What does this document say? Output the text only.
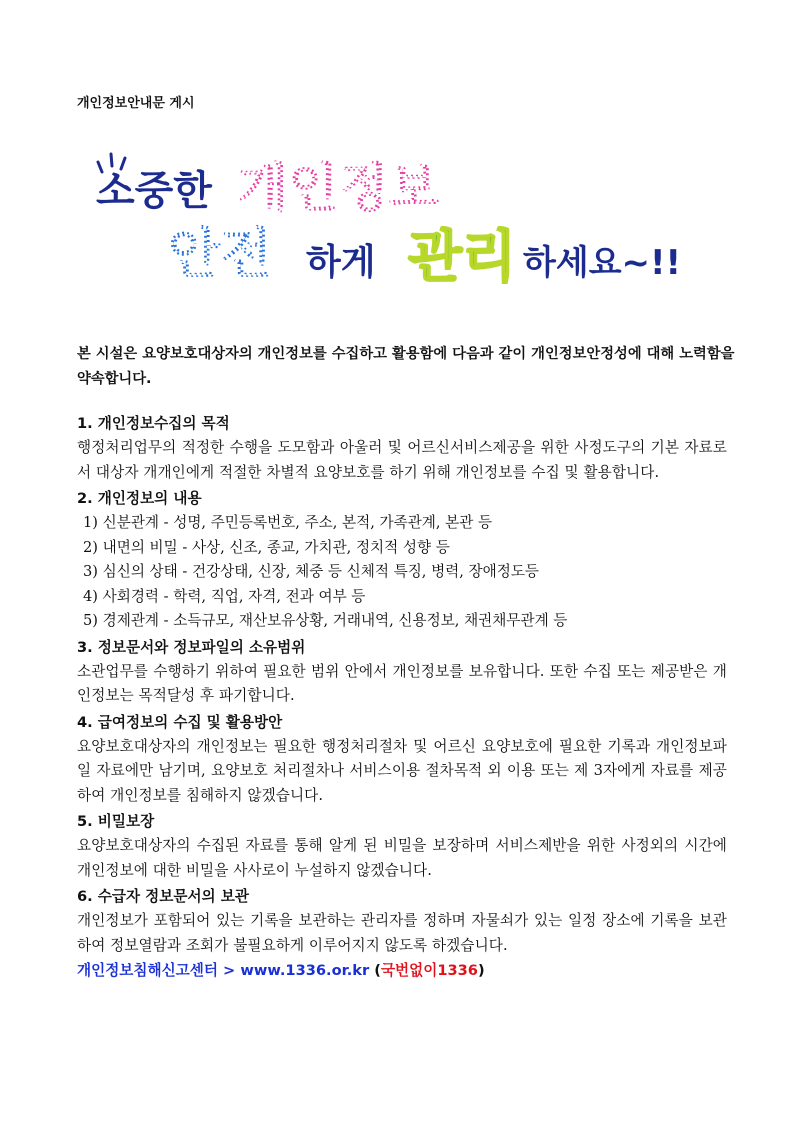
개인정보안내문 게시
소중한 개인정보
안전 하게 관리 하세요~!!
본 시설은 요양보호대상자의 개인정보를 수집하고 활용함에 다음과 같이 개인정보안정성에 대해 노력함을 약속합니다.
1. 개인정보수집의 목적
행정처리업무의 적정한 수행을 도모함과 아울러 및 어르신서비스제공을 위한 사정도구의 기본 자료로서 대상자 개개인에게 적절한 차별적 요양보호를 하기 위해 개인정보를 수집 및 활용합니다.
2. 개인정보의 내용
1) 신분관계 - 성명, 주민등록번호, 주소, 본적, 가족관계, 본관 등
2) 내면의 비밀 - 사상, 신조, 종교, 가치관, 정치적 성향 등
3) 심신의 상태 - 건강상태, 신장, 체중 등 신체적 특징, 병력, 장애정도등
4) 사회경력 - 학력, 직업, 자격, 전과 여부 등
5) 경제관계 - 소득규모, 재산보유상황, 거래내역, 신용정보, 채권채무관계 등
3. 정보문서와 정보파일의 소유범위
소관업무를 수행하기 위하여 필요한 범위 안에서 개인정보를 보유합니다. 또한 수집 또는 제공받은 개인정보는 목적달성 후 파기합니다.
4. 급여정보의 수집 및 활용방안
요양보호대상자의 개인정보는 필요한 행정처리절차 및 어르신 요양보호에 필요한 기록과 개인정보파일 자료에만 남기며, 요양보호 처리절차나 서비스이용 절차목적 외 이용 또는 제 3자에게 자료를 제공하여 개인정보를 침해하지 않겠습니다.
5. 비밀보장
요양보호대상자의 수집된 자료를 통해 알게 된 비밀을 보장하며 서비스제반을 위한 사정외의 시간에 개인정보에 대한 비밀을 사사로이 누설하지 않겠습니다.
6. 수급자 정보문서의 보관
개인정보가 포함되어 있는 기록을 보관하는 관리자를 정하며 자물쇠가 있는 일정 장소에 기록을 보관하여 정보열람과 조회가 불필요하게 이루어지지 않도록 하겠습니다.
개인정보침해신고센터 > www.1336.or.kr (국번없이1336)
